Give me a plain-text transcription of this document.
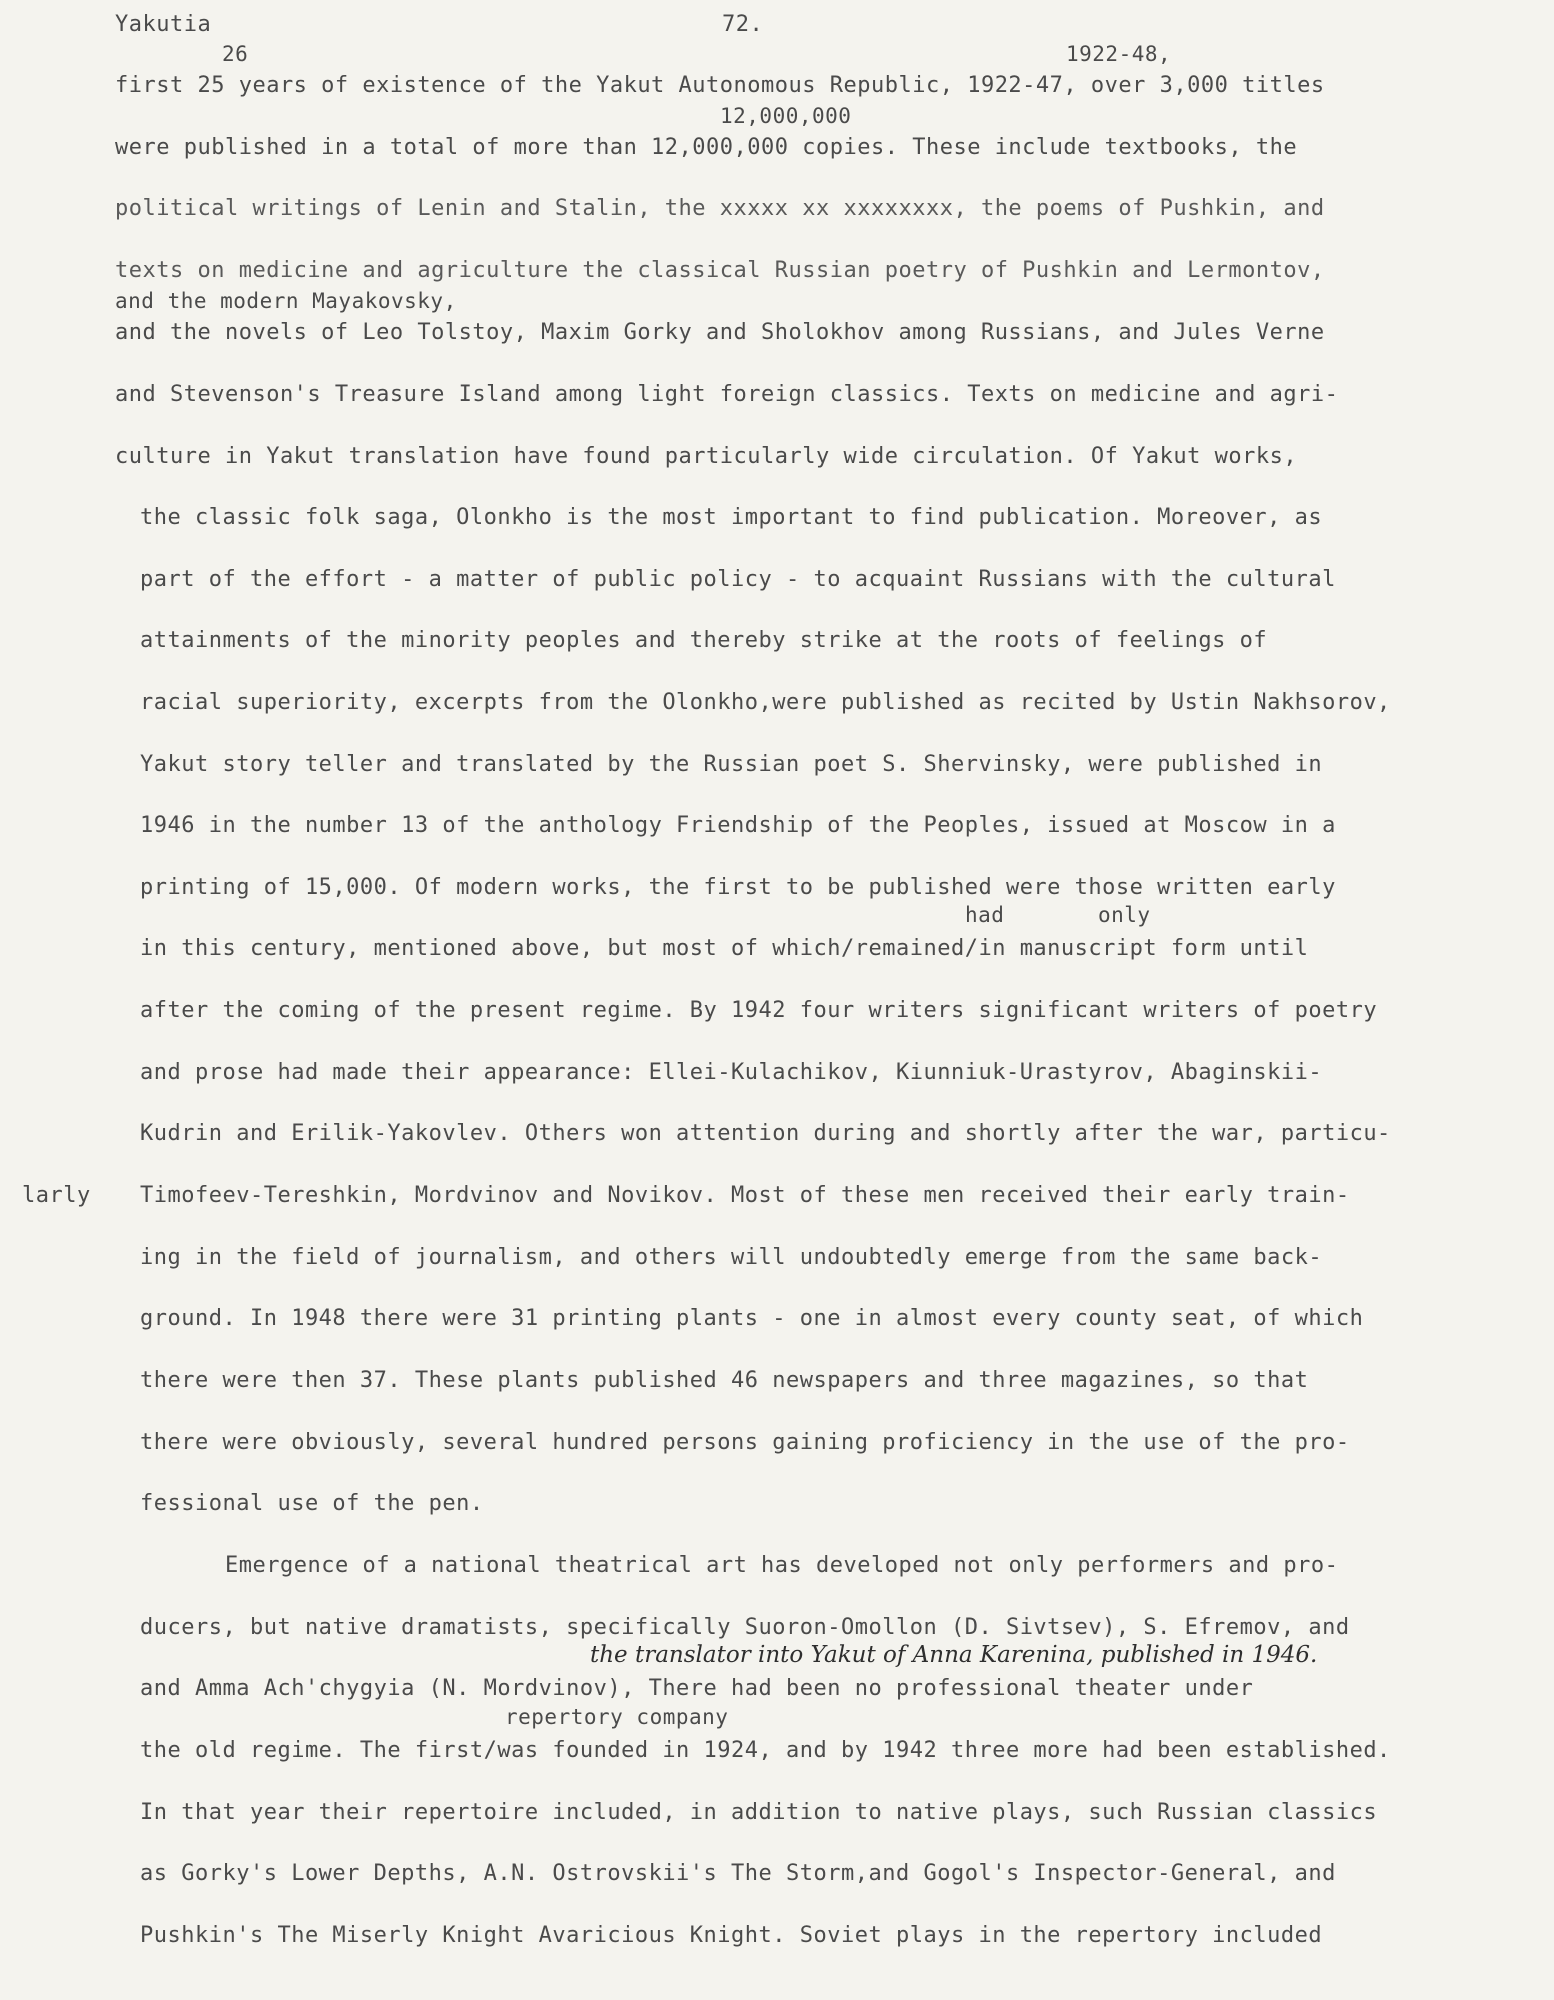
Yakutia	72.
26	1922-48,
first 25 years of existence of the Yakut Autonomous Republic, 1922-47, over 3,000 titles
12,000,000
were published in a total of more than 12,000,000 copies. These include textbooks, the
political writings of Lenin and Stalin, the xxxxx xx xxxxxxxx, the poems of Pushkin, and
texts on medicine and agriculture the classical Russian poetry of Pushkin and Lermontov,
and the modern Mayakovsky,
and the novels of Leo Tolstoy, Maxim Gorky and Sholokhov among Russians, and Jules Verne
and Stevenson's Treasure Island among light foreign classics. Texts on medicine and agri-
culture in Yakut translation have found particularly wide circulation. Of Yakut works,
the classic folk saga, Olonkho is the most important to find publication. Moreover, as
part of the effort - a matter of public policy - to acquaint Russians with the cultural
attainments of the minority peoples and thereby strike at the roots of feelings of
racial superiority, excerpts from the Olonkho,were published as recited by Ustin Nakhsorov,
Yakut story teller and translated by the Russian poet S. Shervinsky, were published in
1946 in the number 13 of the anthology Friendship of the Peoples, issued at Moscow in a
printing of 15,000. Of modern works, the first to be published were those written early
had	only
in this century, mentioned above, but most of which/remained/in manuscript form until
after the coming of the present regime. By 1942 four writers significant writers of poetry
and prose had made their appearance: Ellei-Kulachikov, Kiunniuk-Urastyrov, Abaginskii-
Kudrin and Erilik-Yakovlev. Others won attention during and shortly after the war, particu-
larly Timofeev-Tereshkin, Mordvinov and Novikov. Most of these men received their early train-
ing in the field of journalism, and others will undoubtedly emerge from the same back-
ground. In 1948 there were 31 printing plants - one in almost every county seat, of which
there were then 37. These plants published 46 newspapers and three magazines, so that
there were obviously, several hundred persons gaining proficiency in the use of the pro-
fessional use of the pen.
Emergence of a national theatrical art has developed not only performers and pro-
ducers, but native dramatists, specifically Suoron-Omollon (D. Sivtsev), S. Efremov, and
the translator into Yakut of Anna Karenina, published in 1946.
and Amma Ach'chygyia (N. Mordvinov), There had been no professional theater under
repertory company
the old regime. The first/was founded in 1924, and by 1942 three more had been established.
In that year their repertoire included, in addition to native plays, such Russian classics
as Gorky's Lower Depths, A.N. Ostrovskii's The Storm,and Gogol's Inspector-General, and
Pushkin's The Miserly Knight Avaricious Knight. Soviet plays in the repertory included
